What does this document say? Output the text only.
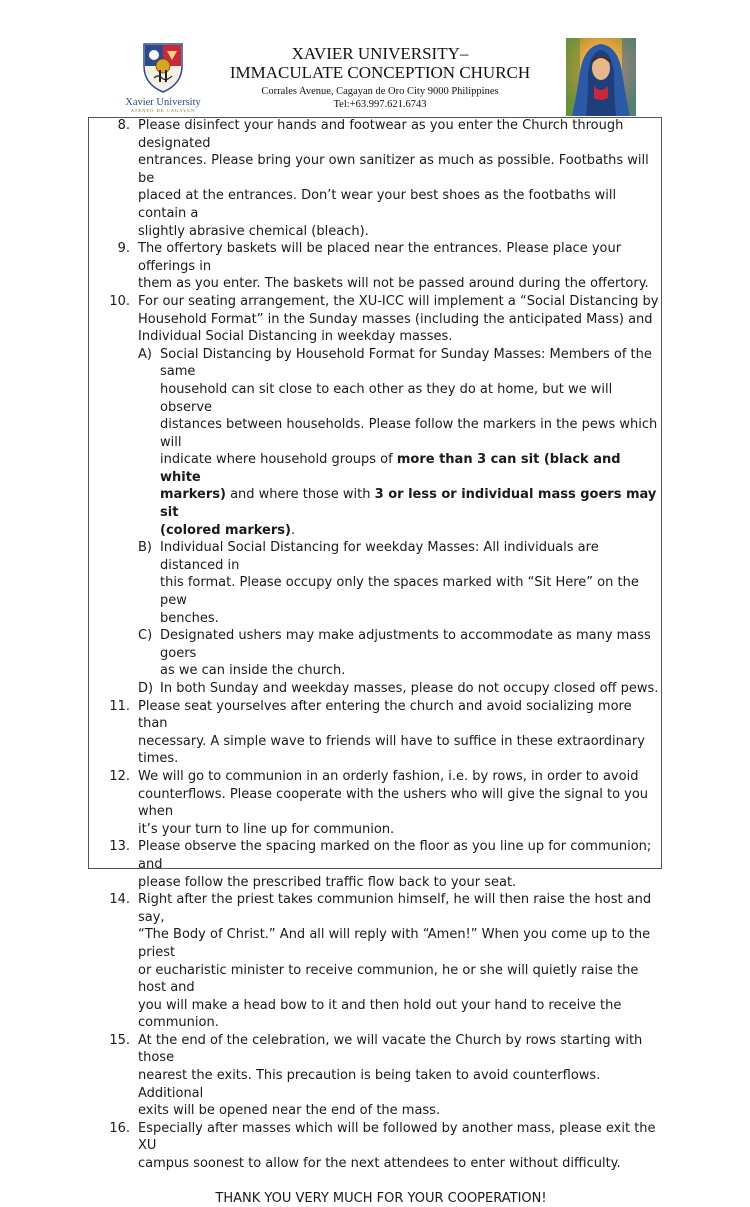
Xavier University
ATENEO DE CAGAYAN
XAVIER UNIVERSITY–
IMMACULATE CONCEPTION CHURCH
Corrales Avenue, Cagayan de Oro City 9000 Philippines
Tel:+63.997.621.6743
8. Please disinfect your hands and footwear as you enter the Church through designated
entrances. Please bring your own sanitizer as much as possible. Footbaths will be
placed at the entrances. Don’t wear your best shoes as the footbaths will contain a
slightly abrasive chemical (bleach).
9. The offertory baskets will be placed near the entrances. Please place your offerings in
them as you enter. The baskets will not be passed around during the offertory.
10. For our seating arrangement, the XU-ICC will implement a “Social Distancing by
Household Format” in the Sunday masses (including the anticipated Mass) and
Individual Social Distancing in weekday masses.
A) Social Distancing by Household Format for Sunday Masses: Members of the same
household can sit close to each other as they do at home, but we will observe
distances between households. Please follow the markers in the pews which will
indicate where household groups of more than 3 can sit (black and white
markers) and where those with 3 or less or individual mass goers may sit
(colored markers).
B) Individual Social Distancing for weekday Masses: All individuals are distanced in
this format. Please occupy only the spaces marked with “Sit Here” on the pew
benches.
C) Designated ushers may make adjustments to accommodate as many mass goers
as we can inside the church.
D) In both Sunday and weekday masses, please do not occupy closed off pews.
11. Please seat yourselves after entering the church and avoid socializing more than
necessary. A simple wave to friends will have to suffice in these extraordinary times.
12. We will go to communion in an orderly fashion, i.e. by rows, in order to avoid
counterflows. Please cooperate with the ushers who will give the signal to you when
it’s your turn to line up for communion.
13. Please observe the spacing marked on the floor as you line up for communion; and
please follow the prescribed traffic flow back to your seat.
14. Right after the priest takes communion himself, he will then raise the host and say,
“The Body of Christ.” And all will reply with “Amen!” When you come up to the priest
or eucharistic minister to receive communion, he or she will quietly raise the host and
you will make a head bow to it and then hold out your hand to receive the
communion.
15. At the end of the celebration, we will vacate the Church by rows starting with those
nearest the exits. This precaution is being taken to avoid counterflows. Additional
exits will be opened near the end of the mass.
16. Especially after masses which will be followed by another mass, please exit the XU
campus soonest to allow for the next attendees to enter without difficulty.
THANK YOU VERY MUCH FOR YOUR COOPERATION!
